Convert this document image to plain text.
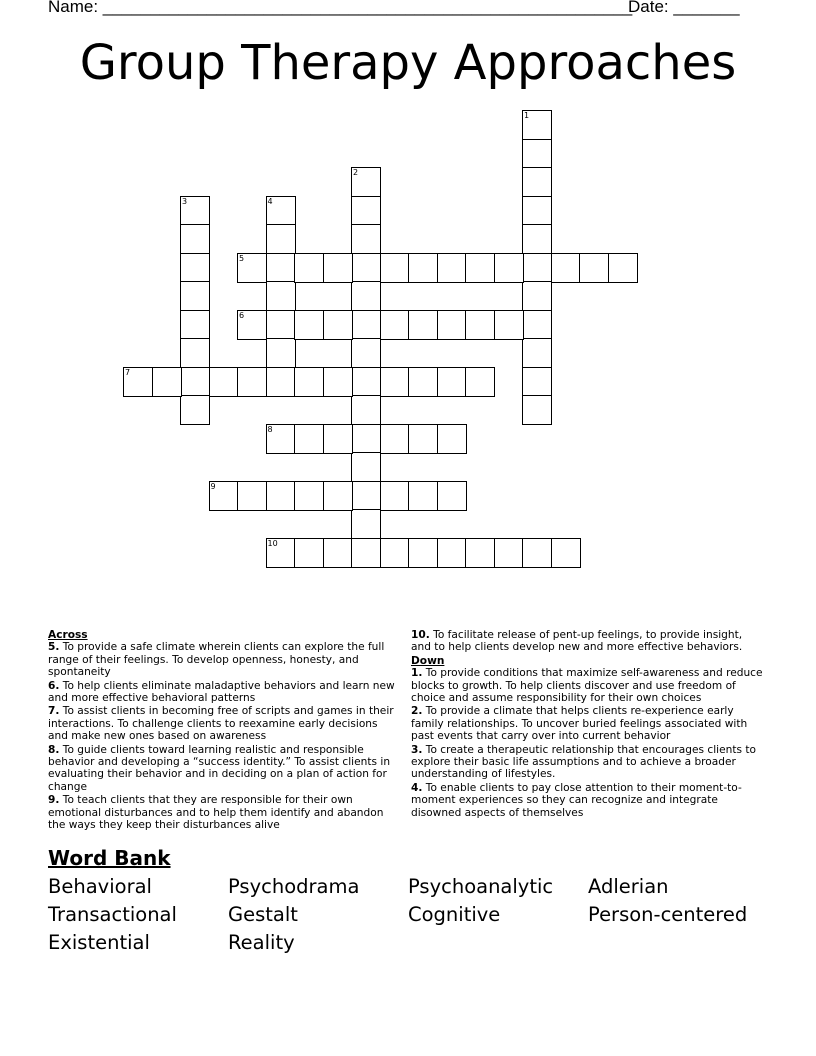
Name: ________________________________________________________

Date: _______

Group Therapy Approaches
1
2
3	4
5
6
7
8
9
10
Across
5. To provide a safe climate wherein clients can explore the full range of their feelings. To develop openness, honesty, and spontaneity
6. To help clients eliminate maladaptive behaviors and learn new and more effective behavioral patterns
7. To assist clients in becoming free of scripts and games in their interactions. To challenge clients to reexamine early decisions and make new ones based on awareness
8. To guide clients toward learning realistic and responsible behavior and developing a “success identity.” To assist clients in evaluating their behavior and in deciding on a plan of action for change
9. To teach clients that they are responsible for their own emotional disturbances and to help them identify and abandon the ways they keep their disturbances alive
10. To facilitate release of pent-up feelings, to provide insight, and to help clients develop new and more effective behaviors.
Down
1. To provide conditions that maximize self-awareness and reduce blocks to growth. To help clients discover and use freedom of choice and assume responsibility for their own choices
2. To provide a climate that helps clients re-experience early family relationships. To uncover buried feelings associated with past events that carry over into current behavior
3. To create a therapeutic relationship that encourages clients to explore their basic life assumptions and to achieve a broader understanding of lifestyles.
4. To enable clients to pay close attention to their moment-to-moment experiences so they can recognize and integrate disowned aspects of themselves
Word Bank
Behavioral	Psychodrama Psychoanalytic Adlerian
Transactional	Gestalt	Cognitive	Person-centered
Existential	Reality
